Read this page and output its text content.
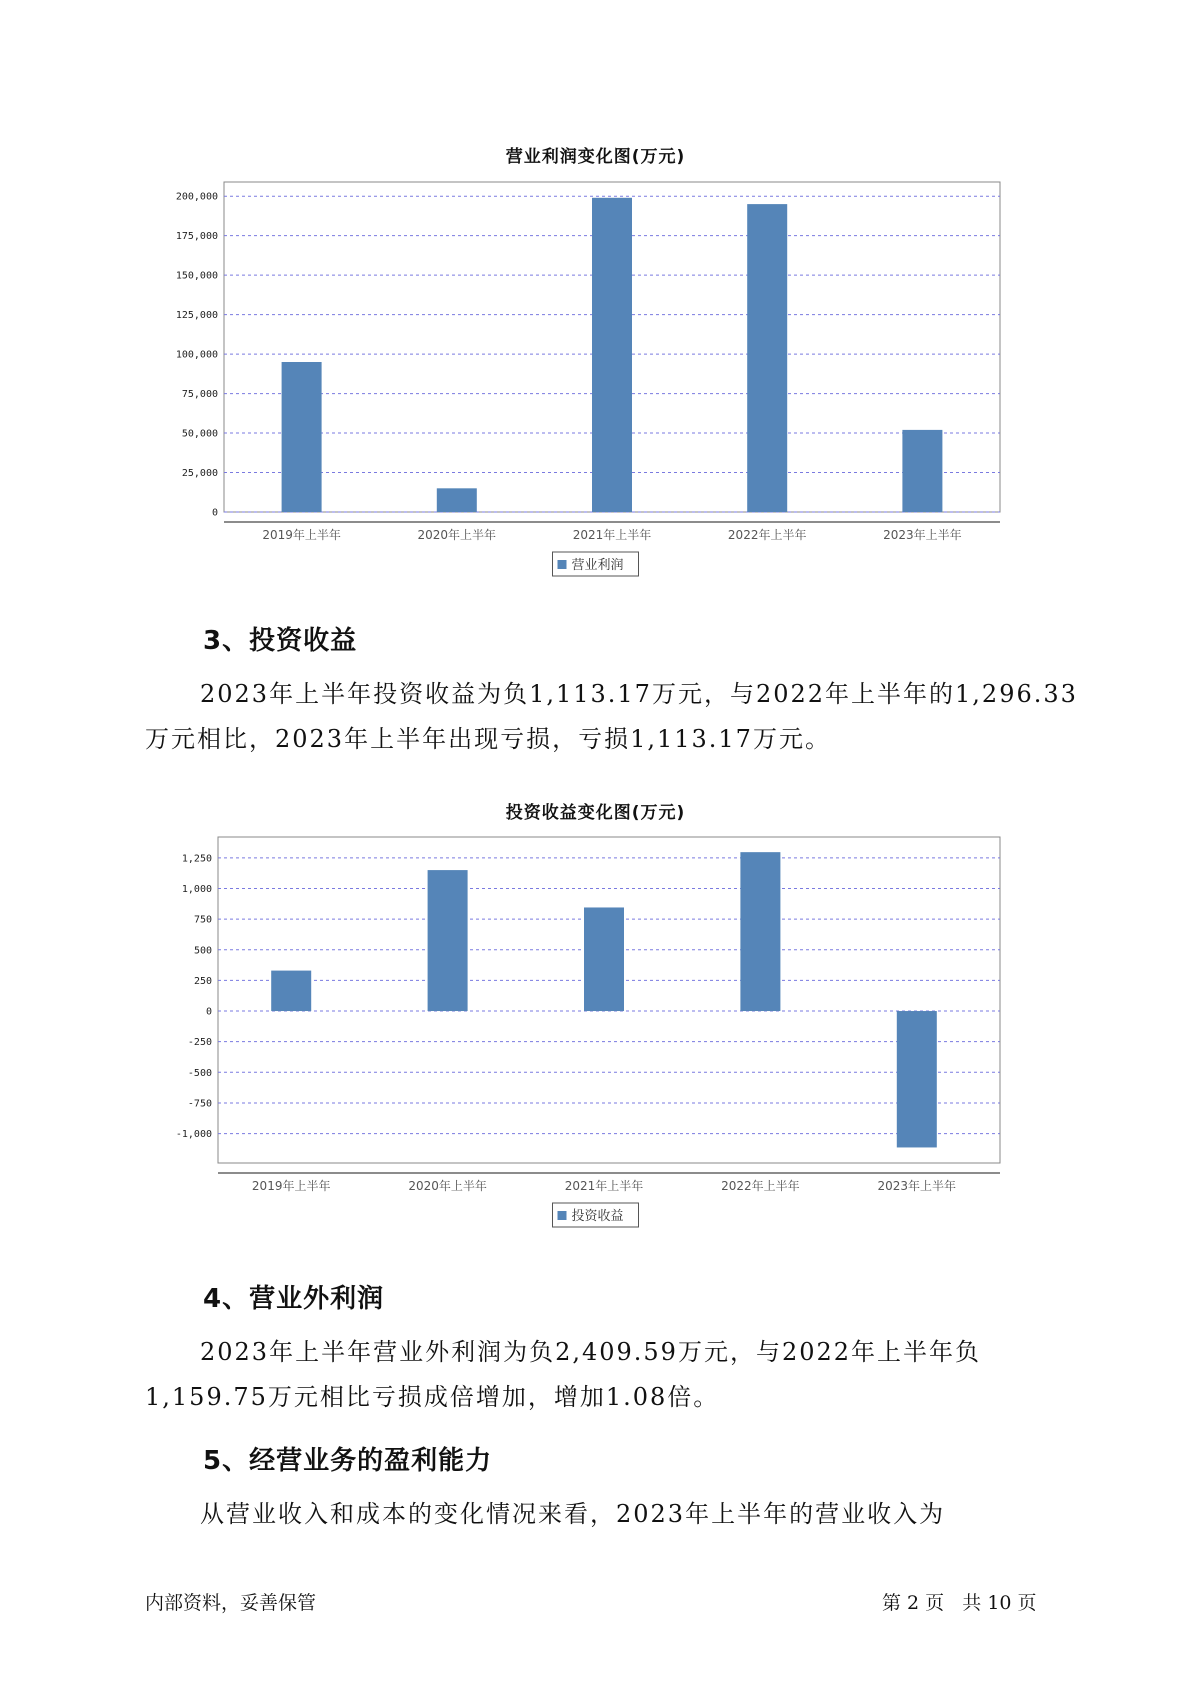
营业利润变化图(万元)
0
25,000
50,000
75,000
100,000
125,000
150,000
175,000
200,000
2019年上半年	2020年上半年	2021年上半年	2022年上半年	2023年上半年
营业利润
3、投资收益
2023年上半年投资收益为负1,113.17万元，与2022年上半年的1,296.33
万元相比，2023年上半年出现亏损，亏损1,113.17万元。
投资收益变化图(万元)
-1,000
-750
-500
-250
0
250
500
750
1,000
1,250
2019年上半年	2020年上半年	2021年上半年	2022年上半年	2023年上半年
投资收益
4、营业外利润
2023年上半年营业外利润为负2,409.59万元，与2022年上半年负
1,159.75万元相比亏损成倍增加，增加1.08倍。
5、经营业务的盈利能力
从营业收入和成本的变化情况来看，2023年上半年的营业收入为
内部资料，妥善保管	第 2 页   共 10 页
